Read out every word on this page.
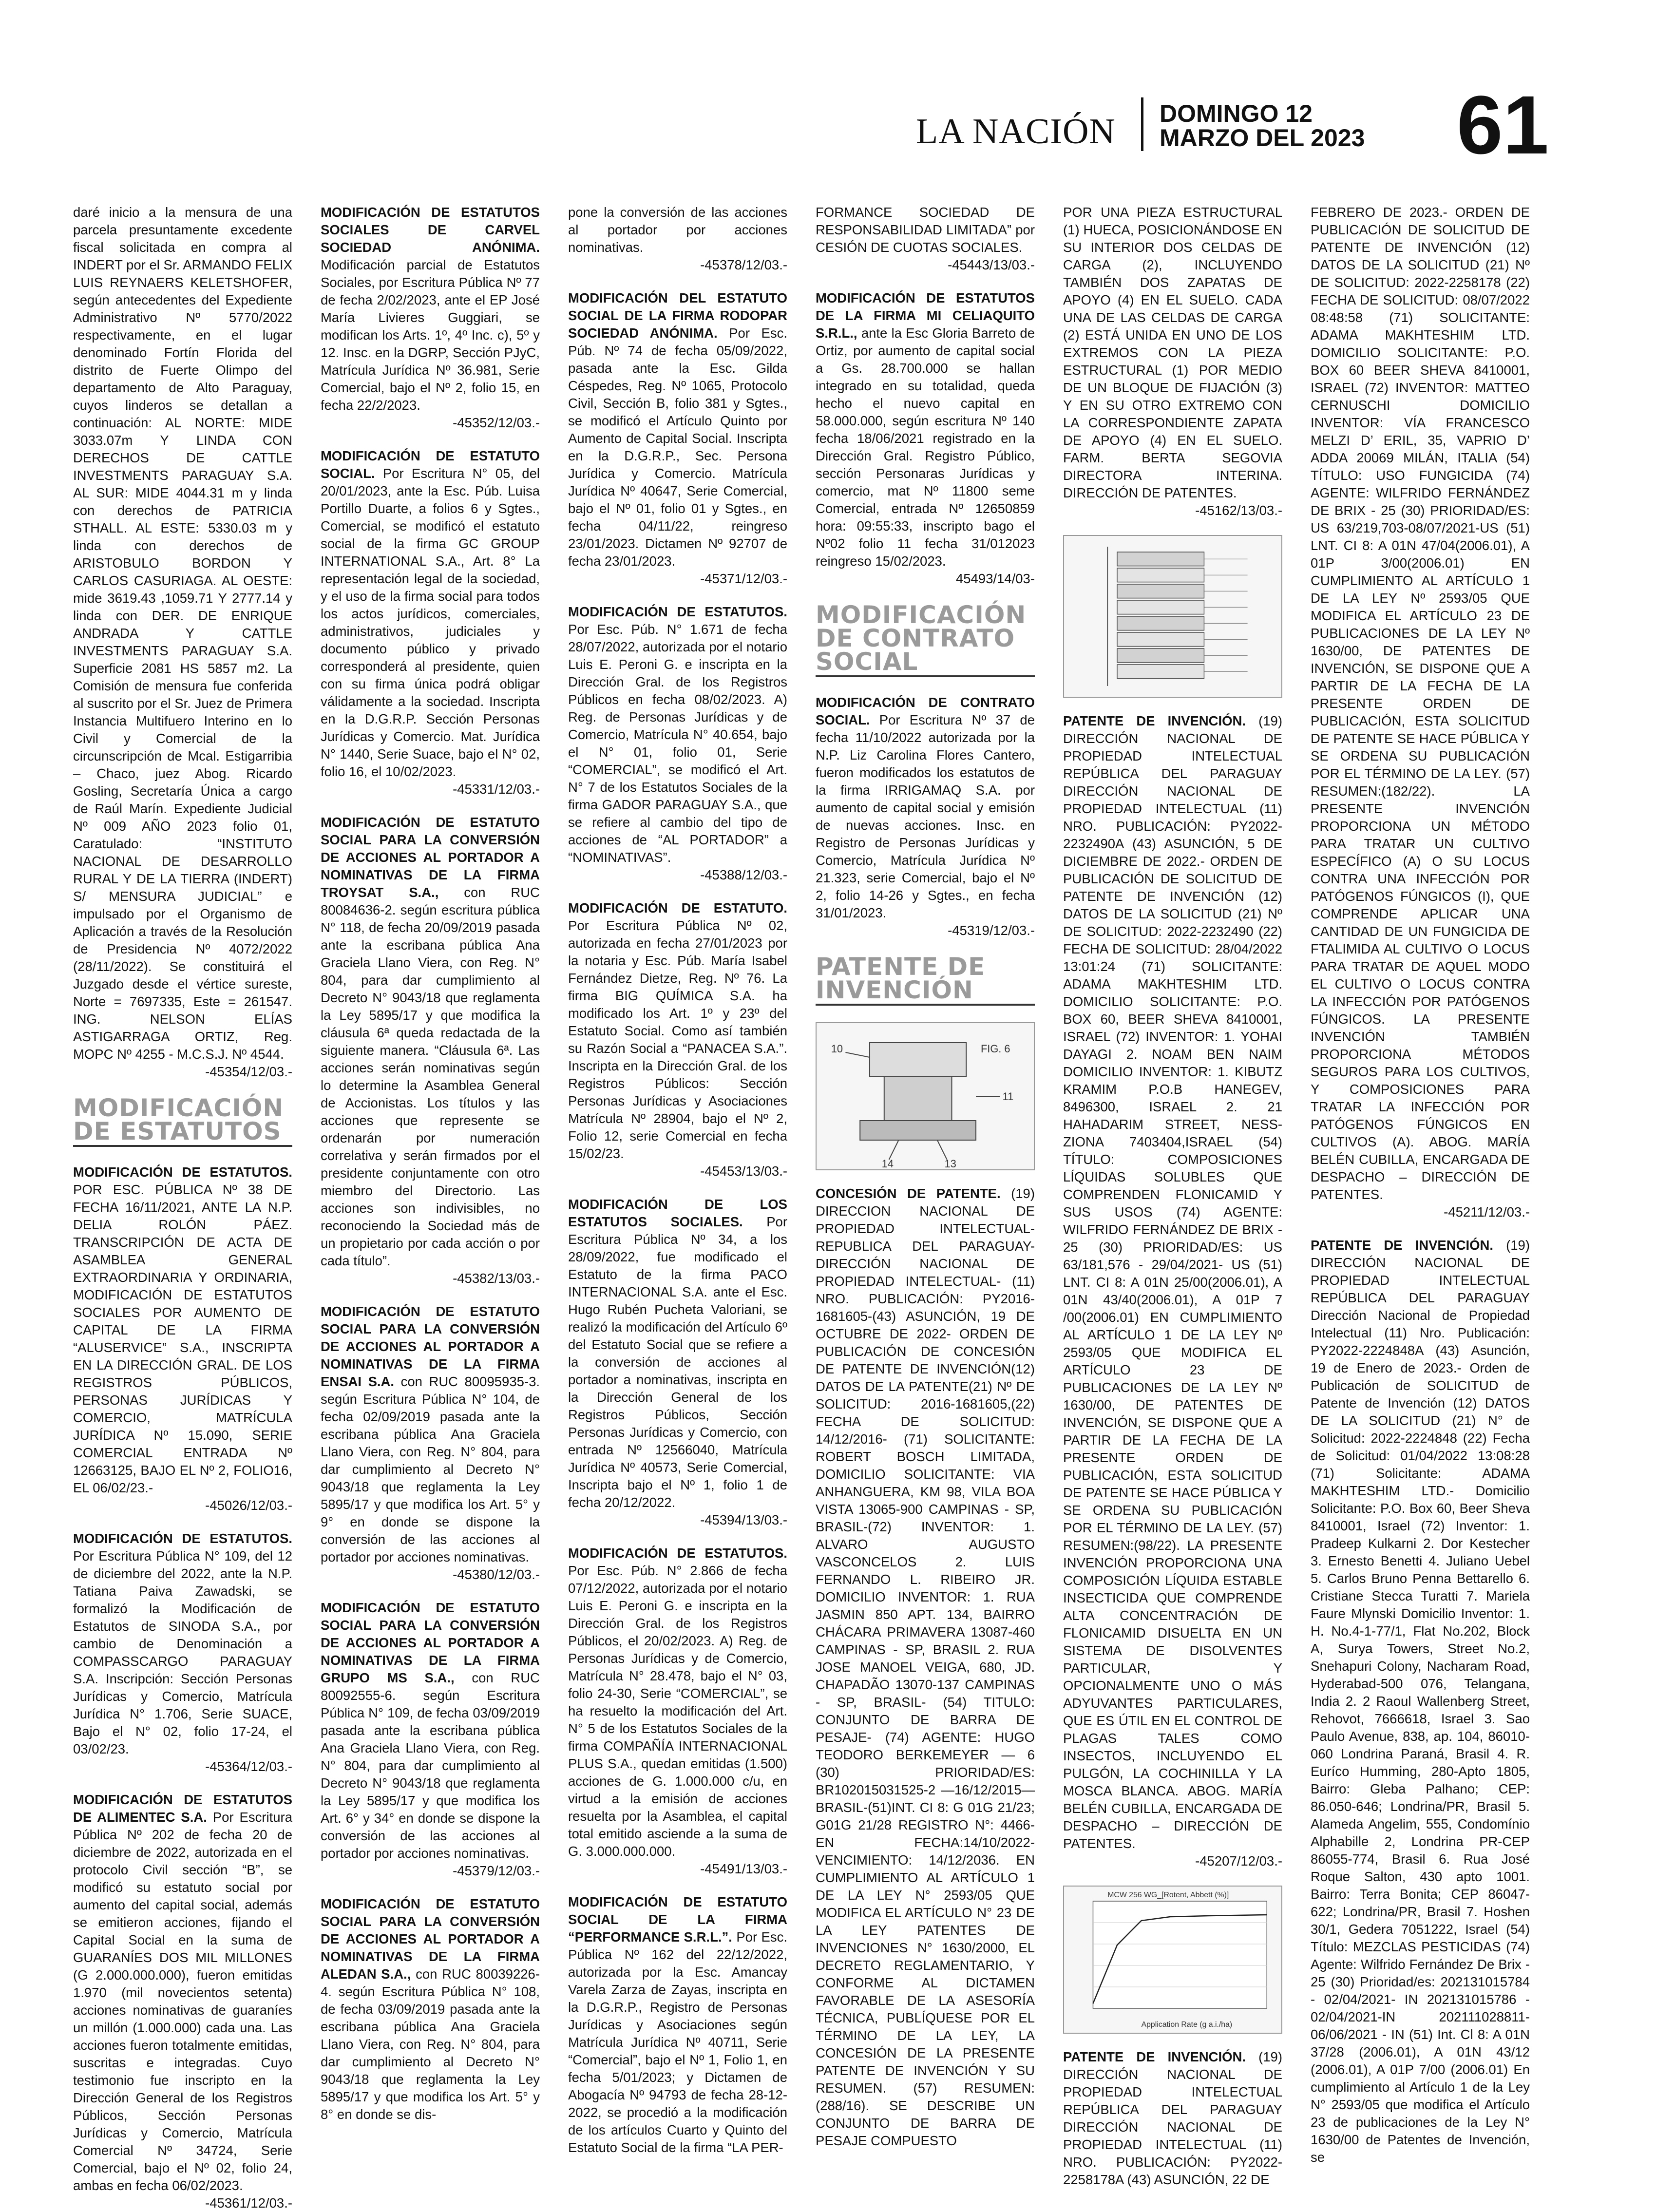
LA NACIÓN DOMINGO 12
MARZO DEL 2023 61

daré inicio a la mensura de una parcela presuntamente excedente fiscal solicitada en compra al INDERT por el Sr. ARMANDO FELIX LUIS REYNAERS KELETSHOFER, según antecedentes del Expediente Administrativo Nº 5770/2022 respectivamente, en el lugar denominado Fortín Florida del distrito de Fuerte Olimpo del departamento de Alto Paraguay, cuyos linderos se detallan a continuación: AL NORTE: MIDE 3033.07m Y LINDA CON DERECHOS DE CATTLE INVESTMENTS PARAGUAY S.A. AL SUR: MIDE 4044.31 m y linda con derechos de PATRICIA STHALL. AL ESTE: 5330.03 m y linda con derechos de ARISTOBULO BORDON Y CARLOS CASURIAGA. AL OESTE: mide 3619.43 ,1059.71 Y 2777.14 y linda con DER. DE ENRIQUE ANDRADA Y CATTLE INVESTMENTS PARAGUAY S.A. Superficie 2081 HS 5857 m2. La Comisión de mensura fue conferida al suscrito por el Sr. Juez de Primera Instancia Multifuero Interino en lo Civil y Comercial de la circunscripción de Mcal. Estigarribia – Chaco, juez Abog. Ricardo Gosling, Secretaría Única a cargo de Raúl Marín. Expediente Judicial Nº 009 AÑO 2023 folio 01, Caratulado: “INSTITUTO NACIONAL DE DESARROLLO RURAL Y DE LA TIERRA (INDERT) S/ MENSURA JUDICIAL” e impulsado por el Organismo de Aplicación a través de la Resolución de Presidencia Nº 4072/2022 (28/11/2022). Se constituirá el Juzgado desde el vértice sureste, Norte = 7697335, Este = 261547. ING. NELSON ELÍAS ASTIGARRAGA ORTIZ, Reg. MOPC Nº 4255 - M.C.S.J. Nº 4544.
-45354/12/03.-

MODIFICACIÓN
DE ESTATUTOS

MODIFICACIÓN DE ESTATUTOS. POR ESC. PÚBLICA Nº 38 DE FECHA 16/11/2021, ANTE LA N.P. DELIA ROLÓN PÁEZ. TRANSCRIPCIÓN DE ACTA DE ASAMBLEA GENERAL EXTRAORDINARIA Y ORDINARIA, MODIFICACIÓN DE ESTATUTOS SOCIALES POR AUMENTO DE CAPITAL DE LA FIRMA “ALUSERVICE” S.A., INSCRIPTA EN LA DIRECCIÓN GRAL. DE LOS REGISTROS PÚBLICOS, PERSONAS JURÍDICAS Y COMERCIO, MATRÍCULA JURÍDICA Nº 15.090, SERIE COMERCIAL ENTRADA Nº 12663125, BAJO EL Nº 2, FOLIO16, EL 06/02/23.-
-45026/12/03.-

MODIFICACIÓN DE ESTATUTOS. Por Escritura Pública N° 109, del 12 de diciembre del 2022, ante la N.P. Tatiana Paiva Zawadski, se formalizó la Modificación de Estatutos de SINODA S.A., por cambio de Denominación a COMPASSCARGO PARAGUAY S.A. Inscripción: Sección Personas Jurídicas y Comercio, Matrícula Jurídica N° 1.706, Serie SUACE, Bajo el N° 02, folio 17-24, el 03/02/23.
-45364/12/03.-

MODIFICACIÓN DE ESTATUTOS DE ALIMENTEC S.A. Por Escritura Pública Nº 202 de fecha 20 de diciembre de 2022, autorizada en el protocolo Civil sección “B”, se modificó su estatuto social por aumento del capital social, además se emitieron acciones, fijando el Capital Social en la suma de GUARANÍES DOS MIL MILLONES (G 2.000.000.000), fueron emitidas 1.970 (mil novecientos setenta) acciones nominativas de guaraníes un millón (1.000.000) cada una. Las acciones fueron totalmente emitidas, suscritas e integradas. Cuyo testimonio fue inscripto en la Dirección General de los Registros Públicos, Sección Personas Jurídicas y Comercio, Matrícula Comercial Nº 34724, Serie Comercial, bajo el Nº 02, folio 24, ambas en fecha 06/02/2023.
-45361/12/03.-

MODIFICACIÓN DE ESTATUTOS SOCIALES DE CARVEL SOCIEDAD ANÓNIMA. Modificación parcial de Estatutos Sociales, por Escritura Pública Nº 77 de fecha 2/02/2023, ante el EP José María Livieres Guggiari, se modifican los Arts. 1º, 4º Inc. c), 5º y 12. Insc. en la DGRP, Sección PJyC, Matrícula Jurídica Nº 36.981, Serie Comercial, bajo el Nº 2, folio 15, en fecha 22/2/2023.
-45352/12/03.-

MODIFICACIÓN DE ESTATUTO SOCIAL. Por Escritura N° 05, del 20/01/2023, ante la Esc. Púb. Luisa Portillo Duarte, a folios 6 y Sgtes., Comercial, se modificó el estatuto social de la firma GC GROUP INTERNATIONAL S.A., Art. 8° La representación legal de la sociedad, y el uso de la firma social para todos los actos jurídicos, comerciales, administrativos, judiciales y documento público y privado corresponderá al presidente, quien con su firma única podrá obligar válidamente a la sociedad. Inscripta en la D.G.R.P. Sección Personas Jurídicas y Comercio. Mat. Jurídica N° 1440, Serie Suace, bajo el N° 02, folio 16, el 10/02/2023.
-45331/12/03.-

MODIFICACIÓN DE ESTATUTO SOCIAL PARA LA CONVERSIÓN DE ACCIONES AL PORTADOR A NOMINATIVAS DE LA FIRMA TROYSAT S.A., con RUC 80084636-2. según escritura pública N° 118, de fecha 20/09/2019 pasada ante la escribana pública Ana Graciela Llano Viera, con Reg. N° 804, para dar cumplimiento al Decreto N° 9043/18 que reglamenta la Ley 5895/17 y que modifica la cláusula 6ª queda redactada de la siguiente manera. “Cláusula 6ª. Las acciones serán nominativas según lo determine la Asamblea General de Accionistas. Los títulos y las acciones que represente se ordenarán por numeración correlativa y serán firmados por el presidente conjuntamente con otro miembro del Directorio. Las acciones son indivisibles, no reconociendo la Sociedad más de un propietario por cada acción o por cada título”.
-45382/13/03.-

MODIFICACIÓN DE ESTATUTO SOCIAL PARA LA CONVERSIÓN DE ACCIONES AL PORTADOR A NOMINATIVAS DE LA FIRMA ENSAI S.A. con RUC 80095935-3. según Escritura Pública N° 104, de fecha 02/09/2019 pasada ante la escribana pública Ana Graciela Llano Viera, con Reg. N° 804, para dar cumplimiento al Decreto N° 9043/18 que reglamenta la Ley 5895/17 y que modifica los Art. 5° y 9° en donde se dispone la conversión de las acciones al portador por acciones nominativas.
-45380/12/03.-

MODIFICACIÓN DE ESTATUTO SOCIAL PARA LA CONVERSIÓN DE ACCIONES AL PORTADOR A NOMINATIVAS DE LA FIRMA GRUPO MS S.A., con RUC 80092555-6. según Escritura Pública N° 109, de fecha 03/09/2019 pasada ante la escribana pública Ana Graciela Llano Viera, con Reg. N° 804, para dar cumplimiento al Decreto N° 9043/18 que reglamenta la Ley 5895/17 y que modifica los Art. 6° y 34° en donde se dispone la conversión de las acciones al portador por acciones nominativas.
-45379/12/03.-

MODIFICACIÓN DE ESTATUTO SOCIAL PARA LA CONVERSIÓN DE ACCIONES AL PORTADOR A NOMINATIVAS DE LA FIRMA ALEDAN S.A., con RUC 80039226-4. según Escritura Pública N° 108, de fecha 03/09/2019 pasada ante la escribana pública Ana Graciela Llano Viera, con Reg. N° 804, para dar cumplimiento al Decreto N° 9043/18 que reglamenta la Ley 5895/17 y que modifica los Art. 5° y 8° en donde se dis-

pone la conversión de las acciones al portador por acciones nominativas.
-45378/12/03.-

MODIFICACIÓN DEL ESTATUTO SOCIAL DE LA FIRMA RODOPAR SOCIEDAD ANÓNIMA. Por Esc. Púb. Nº 74 de fecha 05/09/2022, pasada ante la Esc. Gilda Céspedes, Reg. Nº 1065, Protocolo Civil, Sección B, folio 381 y Sgtes., se modificó el Artículo Quinto por Aumento de Capital Social. Inscripta en la D.G.R.P., Sec. Persona Jurídica y Comercio. Matrícula Jurídica Nº 40647, Serie Comercial, bajo el Nº 01, folio 01 y Sgtes., en fecha 04/11/22, reingreso 23/01/2023. Dictamen Nº 92707 de fecha 23/01/2023.
-45371/12/03.-

MODIFICACIÓN DE ESTATUTOS. Por Esc. Púb. N° 1.671 de fecha 28/07/2022, autorizada por el notario Luis E. Peroni G. e inscripta en la Dirección Gral. de los Registros Públicos en fecha 08/02/2023. A) Reg. de Personas Jurídicas y de Comercio, Matrícula N° 40.654, bajo el N° 01, folio 01, Serie “COMERCIAL”, se modificó el Art. N° 7 de los Estatutos Sociales de la firma GADOR PARAGUAY S.A., que se refiere al cambio del tipo de acciones de “AL PORTADOR” a “NOMINATIVAS”.
-45388/12/03.-

MODIFICACIÓN DE ESTATUTO. Por Escritura Pública Nº 02, autorizada en fecha 27/01/2023 por la notaria y Esc. Púb. María Isabel Fernández Dietze, Reg. Nº 76. La firma BIG QUÍMICA S.A. ha modificado los Art. 1º y 23º del Estatuto Social. Como así también su Razón Social a “PANACEA S.A.”. Inscripta en la Dirección Gral. de los Registros Públicos: Sección Personas Jurídicas y Asociaciones Matrícula Nº 28904, bajo el Nº 2, Folio 12, serie Comercial en fecha 15/02/23.
-45453/13/03.-

MODIFICACIÓN DE LOS ESTATUTOS SOCIALES. Por Escritura Pública Nº 34, a los 28/09/2022, fue modificado el Estatuto de la firma PACO INTERNACIONAL S.A. ante el Esc. Hugo Rubén Pucheta Valoriani, se realizó la modificación del Artículo 6º del Estatuto Social que se refiere a la conversión de acciones al portador a nominativas, inscripta en la Dirección General de los Registros Públicos, Sección Personas Jurídicas y Comercio, con entrada Nº 12566040, Matrícula Jurídica Nº 40573, Serie Comercial, Inscripta bajo el Nº 1, folio 1 de fecha 20/12/2022.
-45394/13/03.-

MODIFICACIÓN DE ESTATUTOS. Por Esc. Púb. N° 2.866 de fecha 07/12/2022, autorizada por el notario Luis E. Peroni G. e inscripta en la Dirección Gral. de los Registros Públicos, el 20/02/2023. A) Reg. de Personas Jurídicas y de Comercio, Matrícula N° 28.478, bajo el N° 03, folio 24-30, Serie “COMERCIAL”, se ha resuelto la modificación del Art. N° 5 de los Estatutos Sociales de la firma COMPAÑÍA INTERNACIONAL PLUS S.A., quedan emitidas (1.500) acciones de G. 1.000.000 c/u, en virtud a la emisión de acciones resuelta por la Asamblea, el capital total emitido asciende a la suma de G. 3.000.000.000.
-45491/13/03.-

MODIFICACIÓN DE ESTATUTO SOCIAL DE LA FIRMA “PERFORMANCE S.R.L.”. Por Esc. Pública Nº 162 del 22/12/2022, autorizada por la Esc. Amancay Varela Zarza de Zayas, inscripta en la D.G.R.P., Registro de Personas Jurídicas y Asociaciones según Matrícula Jurídica Nº 40711, Serie “Comercial”, bajo el Nº 1, Folio 1, en fecha 5/01/2023; y Dictamen de Abogacía Nº 94793 de fecha 28-12-2022, se procedió a la modificación de los artículos Cuarto y Quinto del Estatuto Social de la firma “LA PER-

FORMANCE SOCIEDAD DE RESPONSABILIDAD LIMITADA” por CESIÓN DE CUOTAS SOCIALES.
-45443/13/03.-

MODIFICACIÓN DE ESTATUTOS DE LA FIRMA MI CELIAQUITO S.R.L., ante la Esc Gloria Barreto de Ortiz, por aumento de capital social a Gs. 28.700.000 se hallan integrado en su totalidad, queda hecho el nuevo capital en 58.000.000, según escritura Nº 140 fecha 18/06/2021 registrado en la Dirección Gral. Registro Público, sección Personaras Jurídicas y comercio, mat Nº 11800 seme Comercial, entrada Nº 12650859 hora: 09:55:33, inscripto bago el Nº02 folio 11 fecha 31/012023 reingreso 15/02/2023.
45493/14/03-

MODIFICACIÓN
DE CONTRATO
SOCIAL

MODIFICACIÓN DE CONTRATO SOCIAL. Por Escritura Nº 37 de fecha 11/10/2022 autorizada por la N.P. Liz Carolina Flores Cantero, fueron modificados los estatutos de la firma IRRIGAMAQ S.A. por aumento de capital social y emisión de nuevas acciones. Insc. en Registro de Personas Jurídicas y Comercio, Matrícula Jurídica Nº 21.323, serie Comercial, bajo el Nº 2, folio 14-26 y Sgtes., en fecha 31/01/2023.
-45319/12/03.-

PATENTE DE
INVENCIÓN
10	FIG. 6
11
14	13

CONCESIÓN DE PATENTE. (19) DIRECCION NACIONAL DE PROPIEDAD INTELECTUAL-REPUBLICA DEL PARAGUAY- DIRECCIÓN NACIONAL DE PROPIEDAD INTELECTUAL- (11) NRO. PUBLICACIÓN: PY2016-1681605-(43) ASUNCIÓN, 19 DE OCTUBRE DE 2022- ORDEN DE PUBLICACIÓN DE CONCESIÓN DE PATENTE DE INVENCIÓN(12) DATOS DE LA PATENTE(21) Nº DE SOLICITUD: 2016-1681605,(22) FECHA DE SOLICITUD: 14/12/2016- (71) SOLICITANTE: ROBERT BOSCH LIMITADA, DOMICILIO SOLICITANTE: VIA ANHANGUERA, KM 98, VILA BOA VISTA 13065-900 CAMPINAS - SP, BRASIL-(72) INVENTOR: 1. ALVARO AUGUSTO VASCONCELOS 2. LUIS FERNANDO L. RIBEIRO JR. DOMICILIO INVENTOR: 1. RUA JASMIN 850 APT. 134, BAIRRO CHÁCARA PRIMAVERA 13087-460 CAMPINAS - SP, BRASIL 2. RUA JOSE MANOEL VEIGA, 680, JD. CHAPADÃO 13070-137 CAMPINAS - SP, BRASIL- (54) TITULO: CONJUNTO DE BARRA DE PESAJE- (74) AGENTE: HUGO TEODORO BERKEMEYER — 6 (30) PRIORIDAD/ES: BR102015031525-2 —16/12/2015—BRASIL-(51)INT. CI 8: G 01G 21/23; G01G 21/28 REGISTRO N°: 4466- EN FECHA:14/10/2022- VENCIMIENTO: 14/12/2036. EN CUMPLIMIENTO AL ARTÍCULO 1 DE LA LEY N° 2593/05 QUE MODIFICA EL ARTÍCULO N° 23 DE LA LEY PATENTES DE INVENCIONES N° 1630/2000, EL DECRETO REGLAMENTARIO, Y CONFORME AL DICTAMEN FAVORABLE DE LA ASESORÍA TÉCNICA, PUBLÍQUESE POR EL TÉRMINO DE LA LEY, LA CONCESIÓN DE LA PRESENTE PATENTE DE INVENCIÓN Y SU RESUMEN. (57) RESUMEN: (288/16). SE DESCRIBE UN CONJUNTO DE BARRA DE PESAJE COMPUESTO

POR UNA PIEZA ESTRUCTURAL (1) HUECA, POSICIONÁNDOSE EN SU INTERIOR DOS CELDAS DE CARGA (2), INCLUYENDO TAMBIÉN DOS ZAPATAS DE APOYO (4) EN EL SUELO. CADA UNA DE LAS CELDAS DE CARGA (2) ESTÁ UNIDA EN UNO DE LOS EXTREMOS CON LA PIEZA ESTRUCTURAL (1) POR MEDIO DE UN BLOQUE DE FIJACIÓN (3) Y EN SU OTRO EXTREMO CON LA CORRESPONDIENTE ZAPATA DE APOYO (4) EN EL SUELO. FARM. BERTA SEGOVIA DIRECTORA INTERINA. DIRECCIÓN DE PATENTES.
-45162/13/03.-

PATENTE DE INVENCIÓN. (19) DIRECCIÓN NACIONAL DE PROPIEDAD INTELECTUAL REPÚBLICA DEL PARAGUAY DIRECCIÓN NACIONAL DE PROPIEDAD INTELECTUAL (11) NRO. PUBLICACIÓN: PY2022-2232490A (43) ASUNCIÓN, 5 DE DICIEMBRE DE 2022.- ORDEN DE PUBLICACIÓN DE SOLICITUD DE PATENTE DE INVENCIÓN (12) DATOS DE LA SOLICITUD (21) Nº DE SOLICITUD: 2022-2232490 (22) FECHA DE SOLICITUD: 28/04/2022 13:01:24 (71) SOLICITANTE: ADAMA MAKHTESHIM LTD. DOMICILIO SOLICITANTE: P.O. BOX 60, BEER SHEVA 8410001, ISRAEL (72) INVENTOR: 1. YOHAI DAYAGI 2. NOAM BEN NAIM DOMICILIO INVENTOR: 1. KIBUTZ KRAMIM P.O.B HANEGEV, 8496300, ISRAEL 2. 21 HAHADARIM STREET, NESS-ZIONA 7403404,ISRAEL (54) TÍTULO: COMPOSICIONES LÍQUIDAS SOLUBLES QUE COMPRENDEN FLONICAMID Y SUS USOS (74) AGENTE: WILFRIDO FERNÁNDEZ DE BRIX - 25 (30) PRIORIDAD/ES: US 63/181,576 - 29/04/2021- US (51) LNT. CI 8: A 01N 25/00(2006.01), A 01N 43/40(2006.01), A 01P 7 /00(2006.01) EN CUMPLIMIENTO AL ARTÍCULO 1 DE LA LEY Nº 2593/05 QUE MODIFICA EL ARTÍCULO 23 DE PUBLICACIONES DE LA LEY Nº 1630/00, DE PATENTES DE INVENCIÓN, SE DISPONE QUE A PARTIR DE LA FECHA DE LA PRESENTE ORDEN DE PUBLICACIÓN, ESTA SOLICITUD DE PATENTE SE HACE PÚBLICA Y SE ORDENA SU PUBLICACIÓN POR EL TÉRMINO DE LA LEY. (57) RESUMEN:(98/22). LA PRESENTE INVENCIÓN PROPORCIONA UNA COMPOSICIÓN LÍQUIDA ESTABLE INSECTICIDA QUE COMPRENDE ALTA CONCENTRACIÓN DE FLONICAMID DISUELTA EN UN SISTEMA DE DISOLVENTES PARTICULAR, Y OPCIONALMENTE UNO O MÁS ADYUVANTES PARTICULARES, QUE ES ÚTIL EN EL CONTROL DE PLAGAS TALES COMO INSECTOS, INCLUYENDO EL PULGÓN, LA COCHINILLA Y LA MOSCA BLANCA. ABOG. MARÍA BELÉN CUBILLA, ENCARGADA DE DESPACHO – DIRECCIÓN DE PATENTES.
-45207/12/03.-

MCW 256 WG_[Rotent, Abbett (%)]
Application Rate (g a.i./ha)

PATENTE DE INVENCIÓN. (19) DIRECCIÓN NACIONAL DE PROPIEDAD INTELECTUAL REPÚBLICA DEL PARAGUAY DIRECCIÓN NACIONAL DE PROPIEDAD INTELECTUAL (11) NRO. PUBLICACIÓN: PY2022-2258178A (43) ASUNCIÓN, 22 DE

FEBRERO DE 2023.- ORDEN DE PUBLICACIÓN DE SOLICITUD DE PATENTE DE INVENCIÓN (12) DATOS DE LA SOLICITUD (21) Nº DE SOLICITUD: 2022-2258178 (22) FECHA DE SOLICITUD: 08/07/2022 08:48:58 (71) SOLICITANTE: ADAMA MAKHTESHIM LTD. DOMICILIO SOLICITANTE: P.O. BOX 60 BEER SHEVA 8410001, ISRAEL (72) INVENTOR: MATTEO CERNUSCHI DOMICILIO INVENTOR: VÍA FRANCESCO MELZI D’ ERIL, 35, VAPRIO D’ ADDA 20069 MILÁN, ITALIA (54) TÍTULO: USO FUNGICIDA (74) AGENTE: WILFRIDO FERNÁNDEZ DE BRIX - 25 (30) PRIORIDAD/ES: US 63/219,703-08/07/2021-US (51) LNT. CI 8: A 01N 47/04(2006.01), A 01P 3/00(2006.01) EN CUMPLIMIENTO AL ARTÍCULO 1 DE LA LEY Nº 2593/05 QUE MODIFICA EL ARTÍCULO 23 DE PUBLICACIONES DE LA LEY Nº 1630/00, DE PATENTES DE INVENCIÓN, SE DISPONE QUE A PARTIR DE LA FECHA DE LA PRESENTE ORDEN DE PUBLICACIÓN, ESTA SOLICITUD DE PATENTE SE HACE PÚBLICA Y SE ORDENA SU PUBLICACIÓN POR EL TÉRMINO DE LA LEY. (57) RESUMEN:(182/22). LA PRESENTE INVENCIÓN PROPORCIONA UN MÉTODO PARA TRATAR UN CULTIVO ESPECÍFICO (A) O SU LOCUS CONTRA UNA INFECCIÓN POR PATÓGENOS FÚNGICOS (I), QUE COMPRENDE APLICAR UNA CANTIDAD DE UN FUNGICIDA DE FTALIMIDA AL CULTIVO O LOCUS PARA TRATAR DE AQUEL MODO EL CULTIVO O LOCUS CONTRA LA INFECCIÓN POR PATÓGENOS FÚNGICOS. LA PRESENTE INVENCIÓN TAMBIÉN PROPORCIONA MÉTODOS SEGUROS PARA LOS CULTIVOS, Y COMPOSICIONES PARA TRATAR LA INFECCIÓN POR PATÓGENOS FÚNGICOS EN CULTIVOS (A). ABOG. MARÍA BELÉN CUBILLA, ENCARGADA DE DESPACHO – DIRECCIÓN DE PATENTES.
-45211/12/03.-

PATENTE DE INVENCIÓN. (19) DIRECCIÓN NACIONAL DE PROPIEDAD INTELECTUAL REPÚBLICA DEL PARAGUAY Dirección Nacional de Propiedad Intelectual (11) Nro. Publicación: PY2022-2224848A (43) Asunción, 19 de Enero de 2023.- Orden de Publicación de SOLICITUD de Patente de Invención (12) DATOS DE LA SOLICITUD (21) N° de Solicitud: 2022-2224848 (22) Fecha de Solicitud: 01/04/2022 13:08:28 (71) Solicitante: ADAMA MAKHTESHIM LTD.- Domicilio Solicitante: P.O. Box 60, Beer Sheva 8410001, Israel (72) Inventor: 1. Pradeep Kulkarni 2. Dor Kestecher 3. Ernesto Benetti 4. Juliano Uebel 5. Carlos Bruno Penna Bettarello 6. Cristiane Stecca Turatti 7. Mariela Faure Mlynski Domicilio Inventor: 1. H. No.4-1-77/1, Flat No.202, Block A, Surya Towers, Street No.2, Snehapuri Colony, Nacharam Road, Hyderabad-500 076, Telangana, India 2. 2 Raoul Wallenberg Street, Rehovot, 7666618, Israel 3. Sao Paulo Avenue, 838, ap. 104, 86010-060 Londrina Paraná, Brasil 4. R. Euríco Humming, 280-Apto 1805, Bairro: Gleba Palhano; CEP: 86.050-646; Londrina/PR, Brasil 5. Alameda Angelim, 555, Condomínio Alphabille 2, Londrina PR-CEP 86055-774, Brasil 6. Rua José Roque Salton, 430 apto 1001. Bairro: Terra Bonita; CEP 86047-622; Londrina/PR, Brasil 7. Hoshen 30/1, Gedera 7051222, Israel (54) Título: MEZCLAS PESTICIDAS (74) Agente: Wilfrido Fernández De Brix - 25 (30) Prioridad/es: 202131015784 - 02/04/2021- IN 202131015786 - 02/04/2021-IN 202111028811- 06/06/2021 - IN (51) Int. Cl 8: A 01N 37/28 (2006.01), A 01N 43/12 (2006.01), A 01P 7/00 (2006.01) En cumplimiento al Artículo 1 de la Ley N° 2593/05 que modifica el Artículo 23 de publicaciones de la Ley N° 1630/00 de Patentes de Invención, se
